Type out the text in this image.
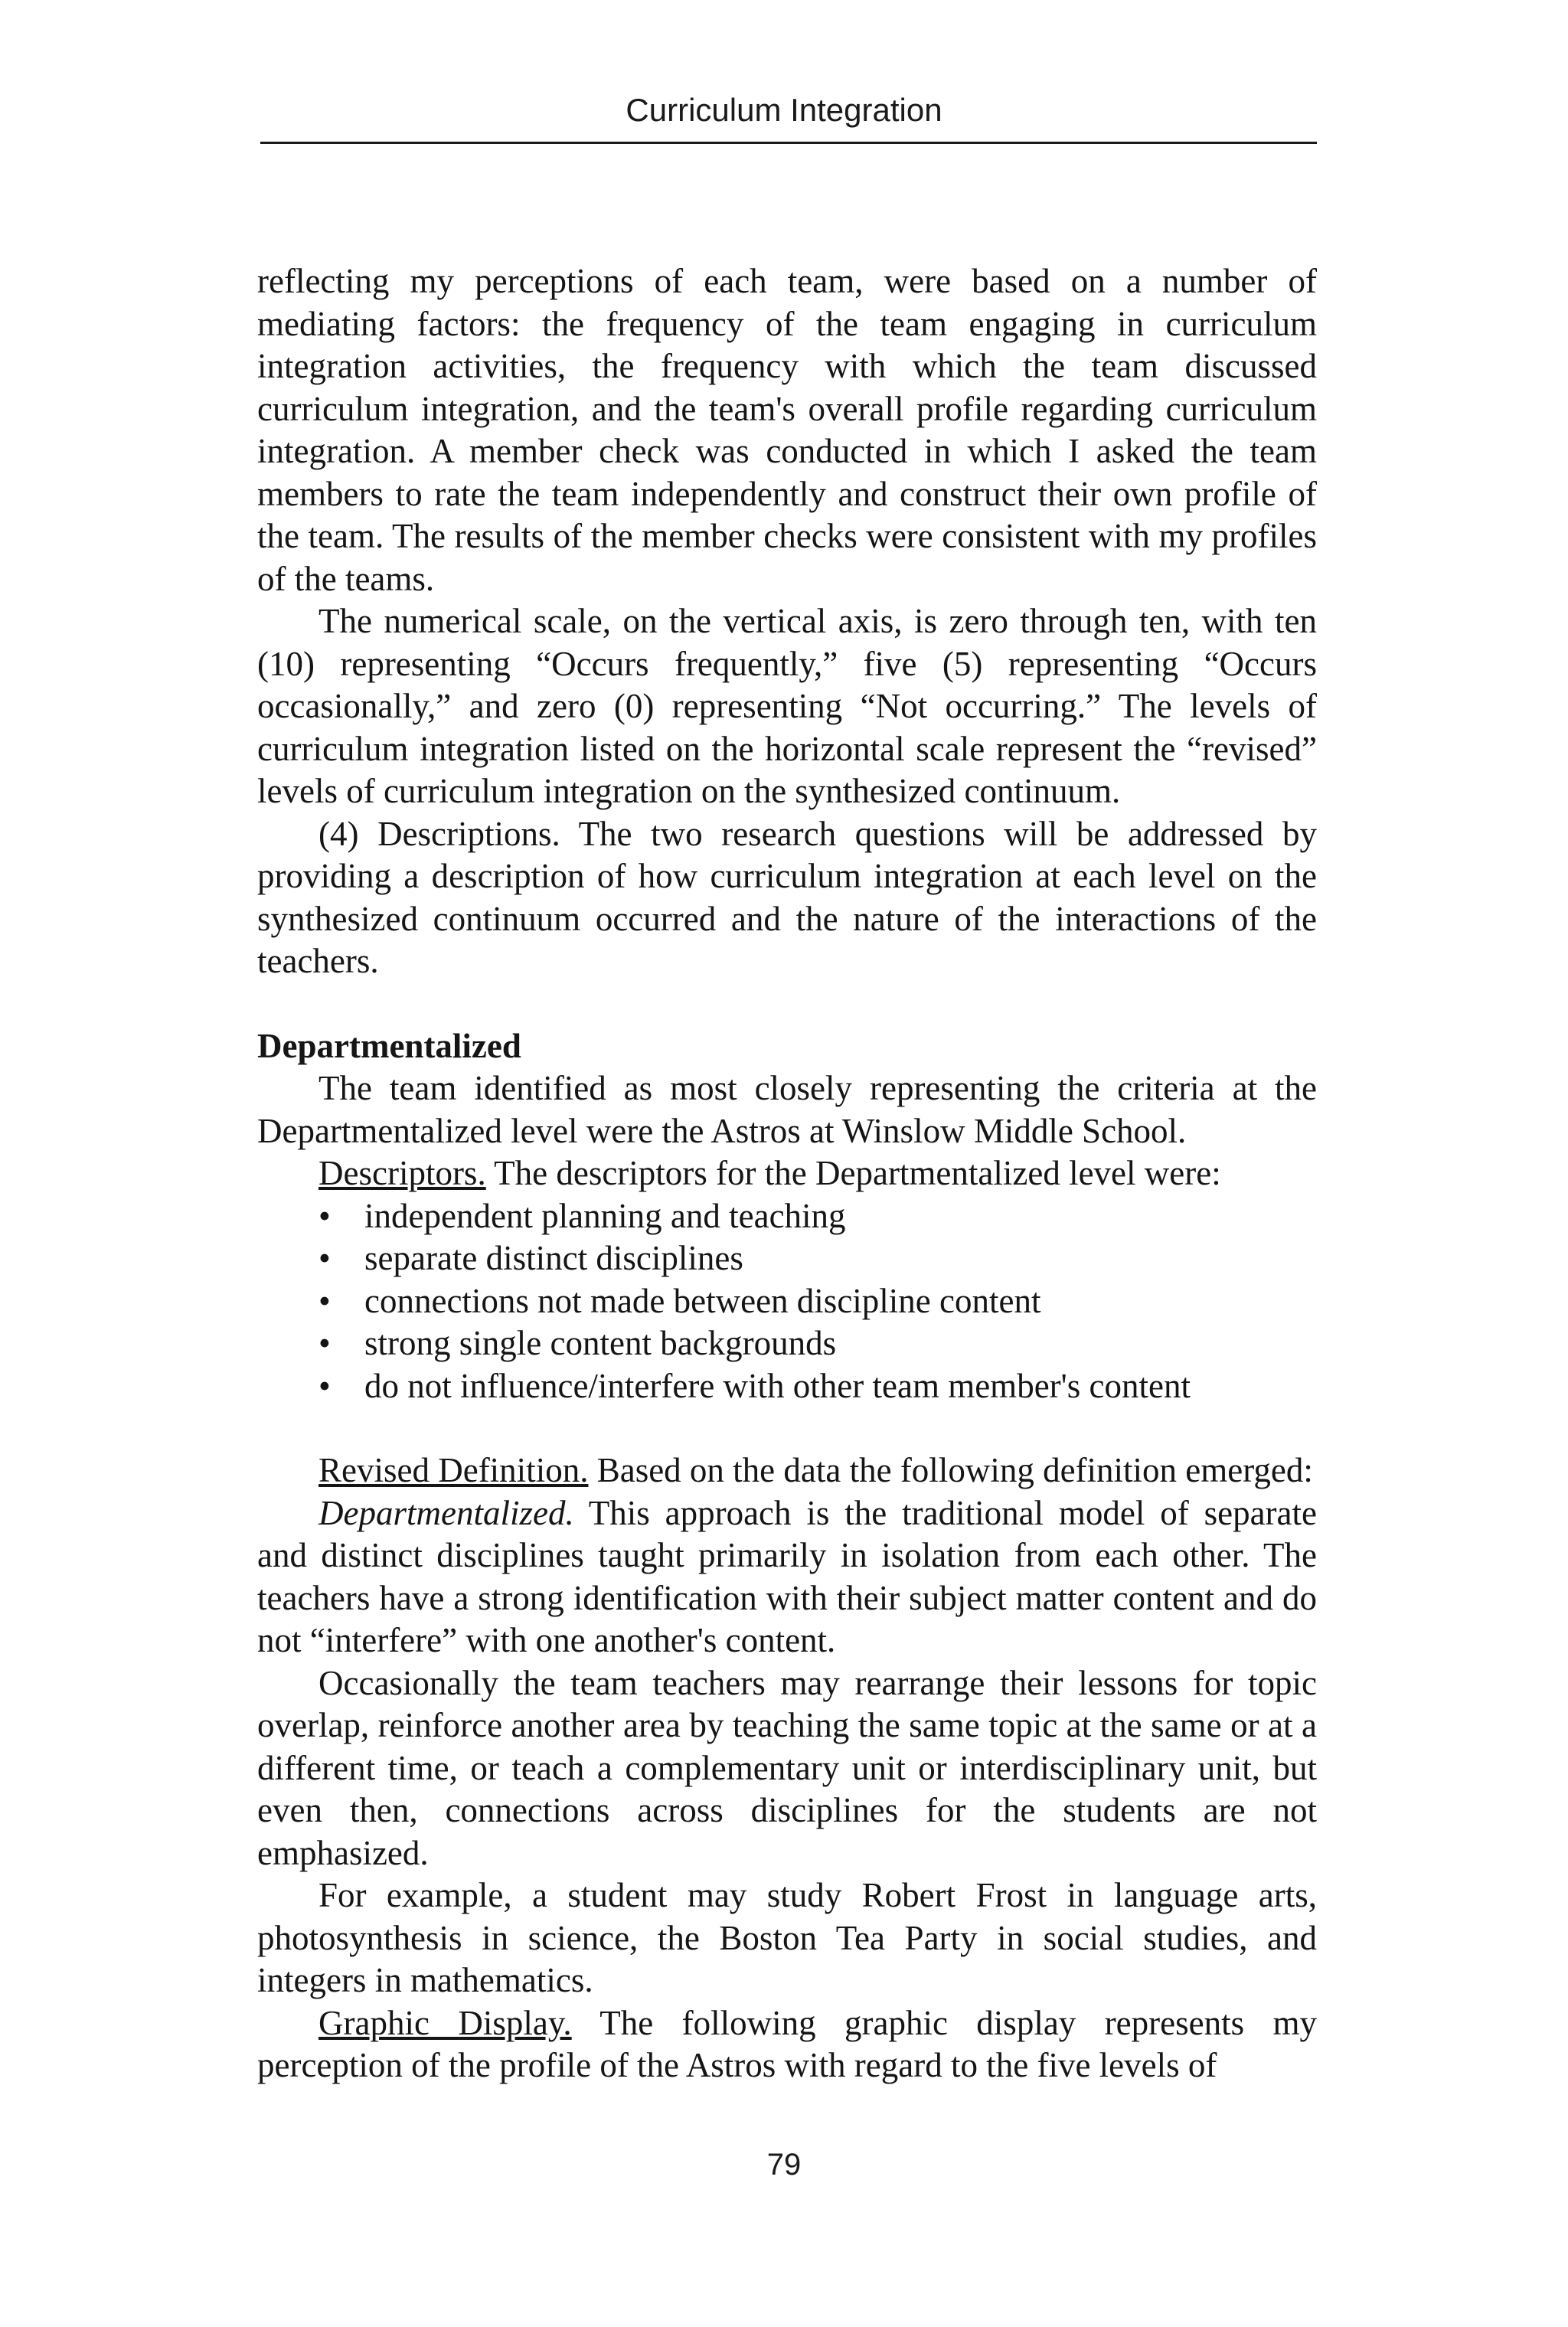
Curriculum Integration

reflecting my perceptions of each team, were based on a number of mediating factors: the frequency of the team engaging in curriculum integration activities, the frequency with which the team discussed curriculum integration, and the team's overall profile regarding curriculum integration. A member check was conducted in which I asked the team members to rate the team independently and construct their own profile of the team. The results of the member checks were consistent with my profiles of the teams.

The numerical scale, on the vertical axis, is zero through ten, with ten (10) representing “Occurs frequently,” five (5) representing “Occurs occasionally,” and zero (0) representing “Not occurring.” The levels of curriculum integration listed on the horizontal scale represent the “revised” levels of curriculum integration on the synthesized continuum.

(4) Descriptions. The two research questions will be addressed by providing a description of how curriculum integration at each level on the synthesized continuum occurred and the nature of the interactions of the teachers.

Departmentalized

The team identified as most closely representing the criteria at the Departmentalized level were the Astros at Winslow Middle School.

Descriptors. The descriptors for the Departmentalized level were:

• independent planning and teaching
• separate distinct disciplines
• connections not made between discipline content
• strong single content backgrounds
• do not influence/interfere with other team member's content

Revised Definition. Based on the data the following definition emerged:

Departmentalized. This approach is the traditional model of separate and distinct disciplines taught primarily in isolation from each other. The teachers have a strong identification with their subject matter content and do not “interfere” with one another's content.

Occasionally the team teachers may rearrange their lessons for topic overlap, reinforce another area by teaching the same topic at the same or at a different time, or teach a complementary unit or interdisciplinary unit, but even then, connections across disciplines for the students are not emphasized.

For example, a student may study Robert Frost in language arts, photosynthesis in science, the Boston Tea Party in social studies, and integers in mathematics.

Graphic Display. The following graphic display represents my perception of the profile of the Astros with regard to the five levels of

79
